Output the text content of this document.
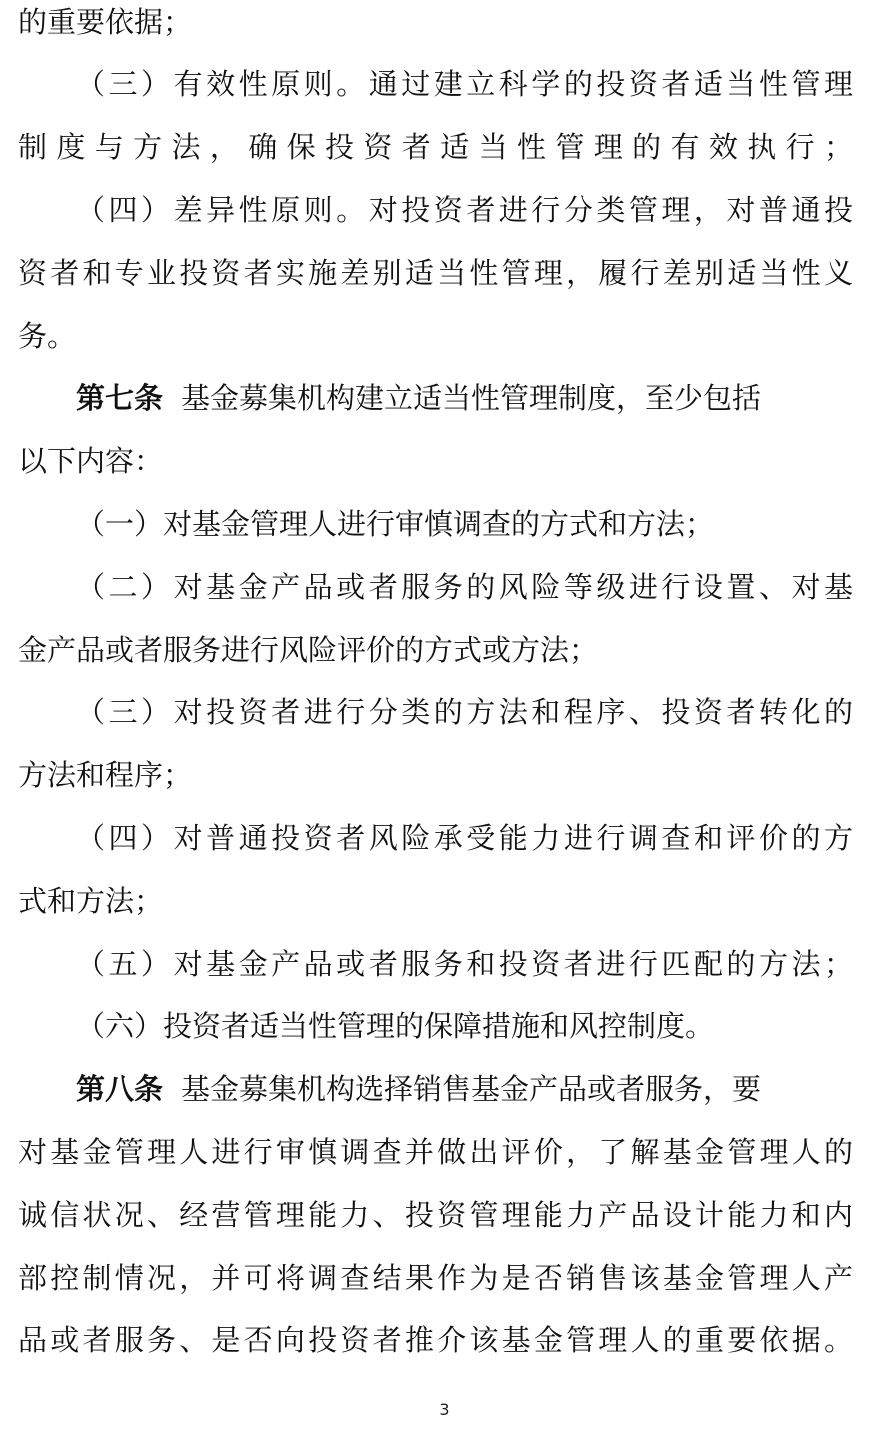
的重要依据；
（三）有效性原则。通过建立科学的投资者适当性管理
制度与方法，确保投资者适当性管理的有效执行；
（四）差异性原则。对投资者进行分类管理，对普通投
资者和专业投资者实施差别适当性管理，履行差别适当性义
务。
第七条 基金募集机构建立适当性管理制度，至少包括
以下内容：
（一）对基金管理人进行审慎调查的方式和方法；
（二）对基金产品或者服务的风险等级进行设置、对基
金产品或者服务进行风险评价的方式或方法；
（三）对投资者进行分类的方法和程序、投资者转化的
方法和程序；
（四）对普通投资者风险承受能力进行调查和评价的方
式和方法；
（五）对基金产品或者服务和投资者进行匹配的方法；
（六）投资者适当性管理的保障措施和风控制度。
第八条 基金募集机构选择销售基金产品或者服务，要
对基金管理人进行审慎调查并做出评价，了解基金管理人的
诚信状况、经营管理能力、投资管理能力产品设计能力和内
部控制情况，并可将调查结果作为是否销售该基金管理人产
品或者服务、是否向投资者推介该基金管理人的重要依据。
3
